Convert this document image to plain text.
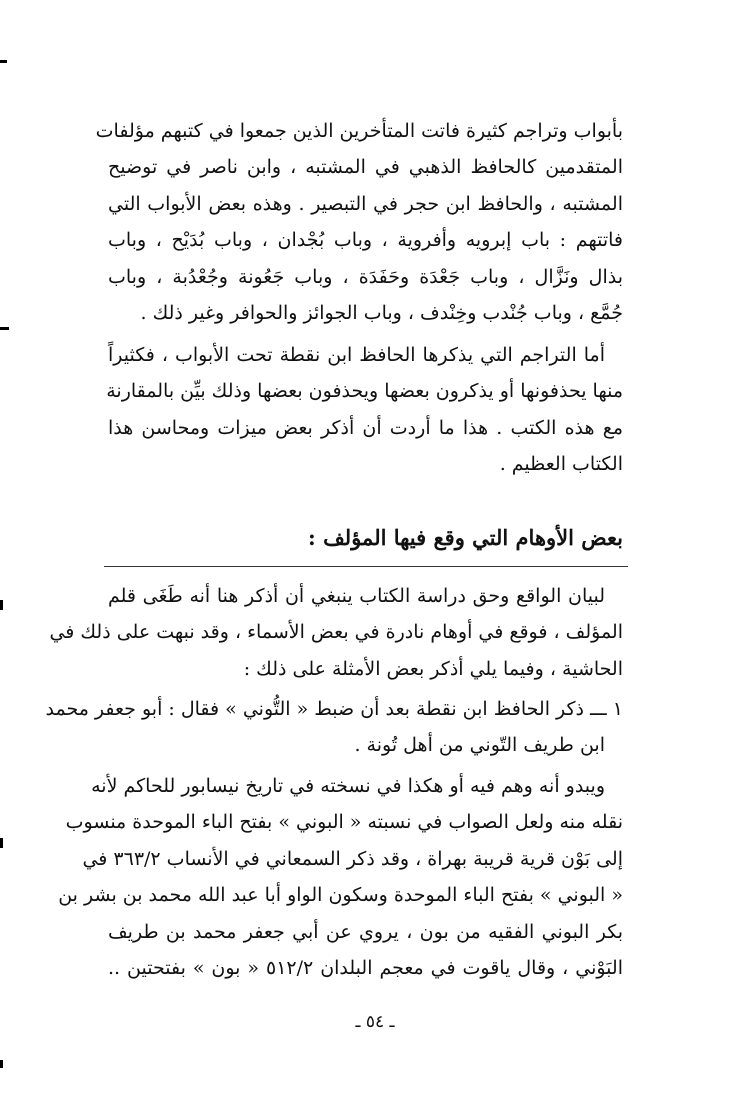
بأبواب وتراجم كثيرة فاتت المتأخرين الذين جمعوا في كتبهم مؤلفات
المتقدمين كالحافظ الذهبي في المشتبه ، وابن ناصر في توضيح
المشتبه ، والحافظ ابن حجر في التبصير . وهذه بعض الأبواب التي
فاتتهم : باب إبرويه وأفروية ، وباب بُجْدان ، وباب بُدَيْح ، وباب
بذال ونَزَّال ، وباب جَعْدَة وحَفَدَة ، وباب جَعُونة وجُعْدُبة ، وباب
جُمَّع ، وباب جُنْدب وخِنْدف ، وباب الجوائز والحوافر وغير ذلك .
أما التراجم التي يذكرها الحافظ ابن نقطة تحت الأبواب ، فكثيراً
منها يحذفونها أو يذكرون بعضها ويحذفون بعضها وذلك بيِّن بالمقارنة
مع هذه الكتب . هذا ما أردت أن أذكر بعض ميزات ومحاسن هذا
الكتاب العظيم .
بعض الأوهام التي وقع فيها المؤلف :
لبيان الواقع وحق دراسة الكتاب ينبغي أن أذكر هنا أنه طَغَى قلم
المؤلف ، فوقع في أوهام نادرة في بعض الأسماء ، وقد نبهت على ذلك في
الحاشية ، وفيما يلي أذكر بعض الأمثلة على ذلك :
١ ـــ ذكر الحافظ ابن نقطة بعد أن ضبط « التُّوني » فقال : أبو جعفر محمد
ابن طريف التّوني من أهل تُونة .
ويبدو أنه وهم فيه أو هكذا في نسخته في تاريخ نيسابور للحاكم لأنه
نقله منه ولعل الصواب في نسبته « البوني » بفتح الباء الموحدة منسوب
إلى بَوْن قرية قريبة بهراة ، وقد ذكر السمعاني في الأنساب ٣٦٣/٢ في
« البوني » بفتح الباء الموحدة وسكون الواو أبا عبد الله محمد بن بشر بن
بكر البوني الفقيه من بون ، يروي عن أبي جعفر محمد بن طريف
البَوْني ، وقال ياقوت في معجم البلدان ٥١٢/٢ « بون » بفتحتين ..
ـ ٥٤ ـ
